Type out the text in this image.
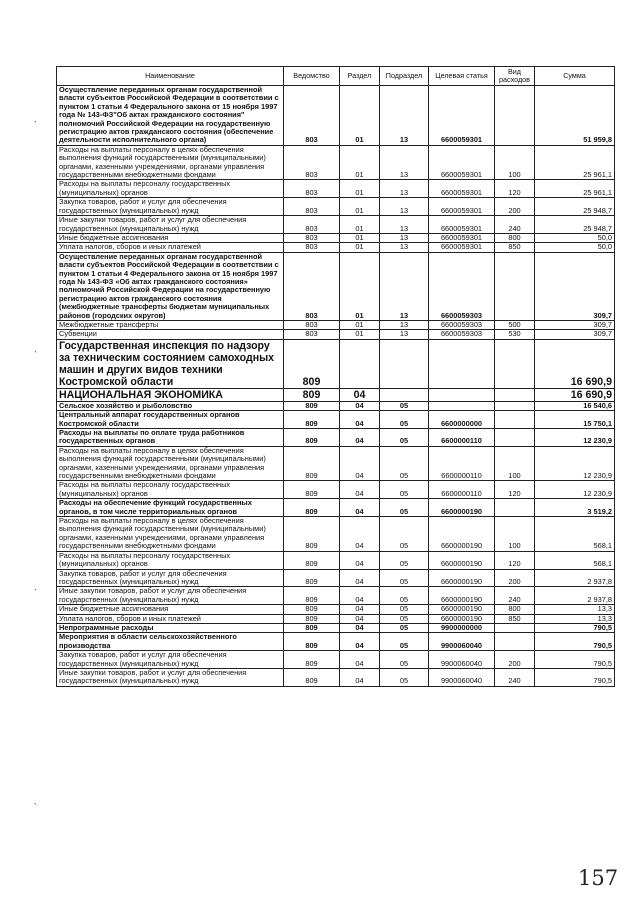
Наименование	Ведомство	Раздел	Подраздел	Целевая статья	Вид расходов	Сумма
Осуществление переданных органам государственной власти субъектов Российской Федерации в соответствии с пунктом 1 статьи 4 Федерального закона от 15 ноября 1997 года № 143-ФЗ"Об актах гражданского состояния" полномочий Российской Федерации на государственную регистрацию актов гражданского состояния (обеспечение деятельности исполнительного органа)	803	01	13	6600059301		51 959,8
Расходы на выплаты персоналу в целях обеспечения выполнения функций государственными (муниципальными) органами, казенными учреждениями, органами управления государственными внебюджетными фондами	803	01	13	6600059301	100	25 961,1
Расходы на выплаты персоналу государственных (муниципальных) органов	803	01	13	6600059301	120	25 961,1
Закупка товаров, работ и услуг для обеспечения государственных (муниципальных) нужд	803	01	13	6600059301	200	25 948,7
Иные закупки товаров, работ и услуг для обеспечения государственных (муниципальных) нужд	803	01	13	6600059301	240	25 948,7
Иные бюджетные ассигнования	803	01	13	6600059301	800	50,0
Уплата налогов, сборов и иных платежей	803	01	13	6600059301	850	50,0
Осуществление переданных органам государственной власти субъектов Российской Федерации в соответствии с пунктом 1 статьи 4 Федерального закона от 15 ноября 1997 года № 143-ФЗ «Об актах гражданского состояния» полномочий Российской Федерации на государственную регистрацию актов гражданского состояния (межбюджетные трансферты бюджетам муниципальных районов (городских округов)	803	01	13	6600059303		309,7
Межбюджетные трансферты	803	01	13	6600059303	500	309,7
Субвенции	803	01	13	6600059303	530	309,7
Государственная инспекция по надзору за техническим состоянием самоходных машин и других видов техники Костромской области	809					16 690,9
НАЦИОНАЛЬНАЯ ЭКОНОМИКА	809	04				16 690,9
Сельское хозяйство и рыболовство	809	04	05			16 540,6
Центральный аппарат государственных органов Костромской области	809	04	05	6600000000		15 750,1
Расходы на выплаты по оплате труда работников государственных органов	809	04	05	6600000110		12 230,9
Расходы на выплаты персоналу в целях обеспечения выполнения функций государственными (муниципальными) органами, казенными учреждениями, органами управления государственными внебюджетными фондами	809	04	05	6600000110	100	12 230,9
Расходы на выплаты персоналу государственных (муниципальных) органов	809	04	05	6600000110	120	12 230,9
Расходы на обеспечение функций государственных органов, в том числе территориальных органов	809	04	05	6600000190		3 519,2
Расходы на выплаты персоналу в целях обеспечения выполнения функций государственными (муниципальными) органами, казенными учреждениями, органами управления государственными внебюджетными фондами	809	04	05	6600000190	100	568,1
Расходы на выплаты персоналу государственных (муниципальных) органов	809	04	05	6600000190	120	568,1
Закупка товаров, работ и услуг для обеспечения государственных (муниципальных) нужд	809	04	05	6600000190	200	2 937,8
Иные закупки товаров, работ и услуг для обеспечения государственных (муниципальных) нужд	809	04	05	6600000190	240	2 937,8
Иные бюджетные ассигнования	809	04	05	6600000190	800	13,3
Уплата налогов, сборов и иных платежей	809	04	05	6600000190	850	13,3
Непрограммные расходы	809	04	05	9900000000		790,5
Мероприятия в области сельскохозяйственного производства	809	04	05	9900060040		790,5
Закупка товаров, работ и услуг для обеспечения государственных (муниципальных) нужд	809	04	05	9900060040	200	790,5
Иные закупки товаров, работ и услуг для обеспечения государственных (муниципальных) нужд	809	04	05	9900060040	240	790,5
`
`
`
`
157
